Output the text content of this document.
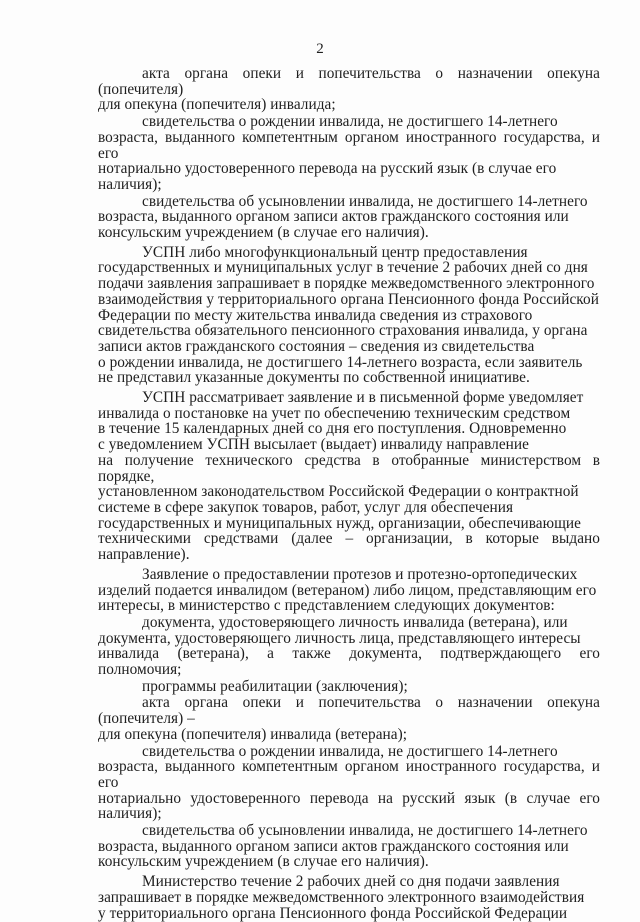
2

акта органа опеки и попечительства о назначении опекуна (попечителя)
для опекуна (попечителя) инвалида;

свидетельства о рождении инвалида, не достигшего 14-летнего
возраста, выданного компетентным органом иностранного государства, и его
нотариально удостоверенного перевода на русский язык (в случае его
наличия);

свидетельства об усыновлении инвалида, не достигшего 14-летнего
возраста, выданного органом записи актов гражданского состояния или
консульским учреждением (в случае его наличия).

УСПН либо многофункциональный центр предоставления
государственных и муниципальных услуг в течение 2 рабочих дней со дня
подачи заявления запрашивает в порядке межведомственного электронного
взаимодействия у территориального органа Пенсионного фонда Российской
Федерации по месту жительства инвалида сведения из страхового
свидетельства обязательного пенсионного страхования инвалида, у органа
записи актов гражданского состояния – сведения из свидетельства
о рождении инвалида, не достигшего 14-летнего возраста, если заявитель
не представил указанные документы по собственной инициативе.

УСПН рассматривает заявление и в письменной форме уведомляет
инвалида о постановке на учет по обеспечению техническим средством
в течение 15 календарных дней со дня его поступления. Одновременно
с уведомлением УСПН высылает (выдает) инвалиду направление
на получение технического средства в отобранные министерством в порядке,
установленном законодательством Российской Федерации о контрактной
системе в сфере закупок товаров, работ, услуг для обеспечения
государственных и муниципальных нужд, организации, обеспечивающие
техническими средствами (далее – организации, в которые выдано направление).

Заявление о предоставлении протезов и протезно-ортопедических
изделий подается инвалидом (ветераном) либо лицом, представляющим его
интересы, в министерство с представлением следующих документов:

документа, удостоверяющего личность инвалида (ветерана), или
документа, удостоверяющего личность лица, представляющего интересы
инвалида (ветерана), а также документа, подтверждающего его полномочия;

программы реабилитации (заключения);

акта органа опеки и попечительства о назначении опекуна (попечителя) –
для опекуна (попечителя) инвалида (ветерана);

свидетельства о рождении инвалида, не достигшего 14-летнего
возраста, выданного компетентным органом иностранного государства, и его
нотариально удостоверенного перевода на русский язык (в случае его наличия);

свидетельства об усыновлении инвалида, не достигшего 14-летнего
возраста, выданного органом записи актов гражданского состояния или
консульским учреждением (в случае его наличия).

Министерство течение 2 рабочих дней со дня подачи заявления
запрашивает в порядке межведомственного электронного взаимодействия
у территориального органа Пенсионного фонда Российской Федерации
